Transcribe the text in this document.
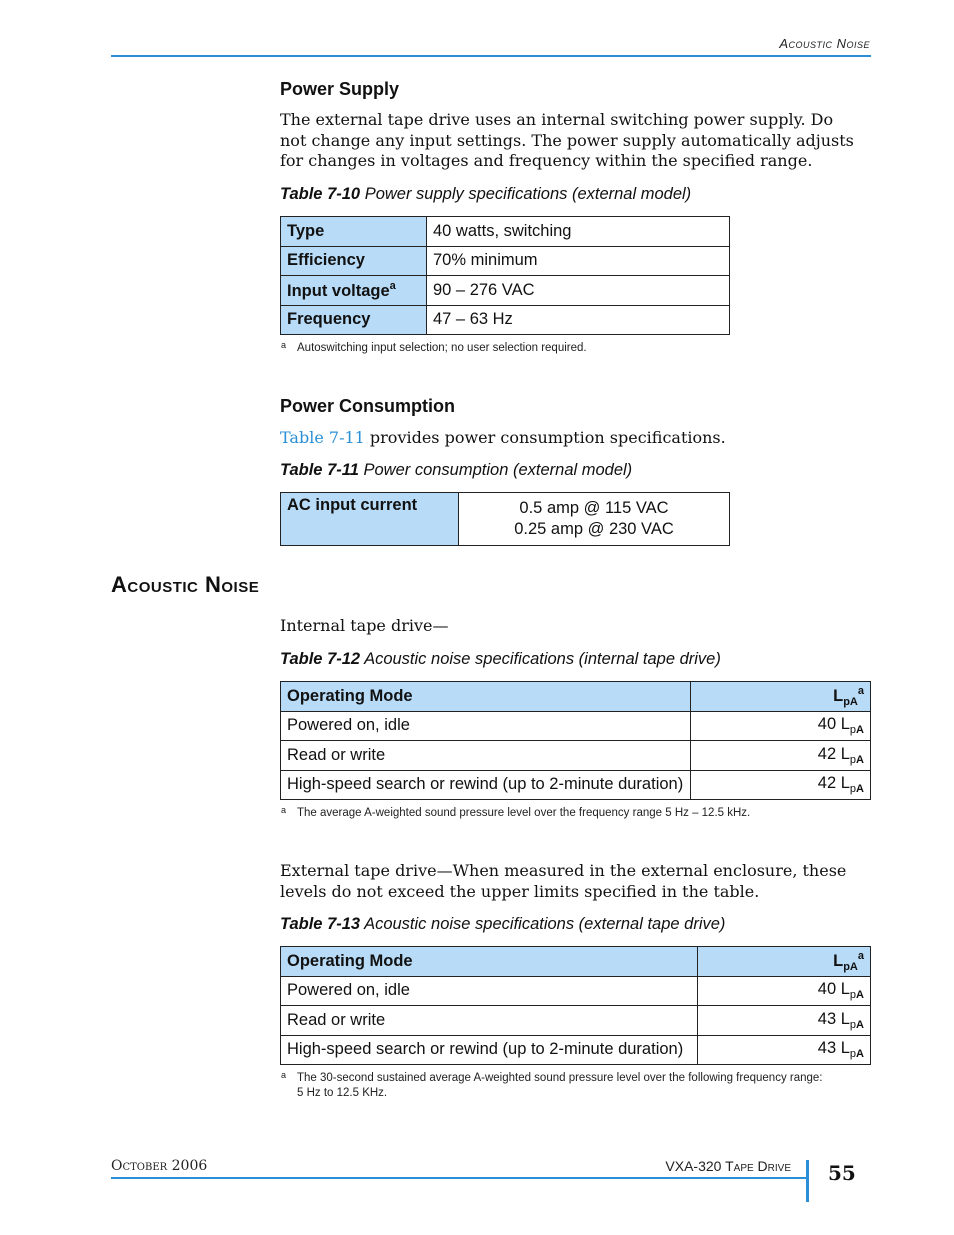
Acoustic Noise
Power Supply
The external tape drive uses an internal switching power supply. Do not change any input settings. The power supply automatically adjusts for changes in voltages and frequency within the specified range.
Table 7-10 Power supply specifications (external model)
Type	40 watts, switching
Efficiency	70% minimum
Input voltage$^a$	90 – 276 VAC
Frequency	47 – 63 Hz
a Autoswitching input selection; no user selection required.
Power Consumption
Table 7-11 provides power consumption specifications.
Table 7-11 Power consumption (external model)
AC input current	0.5 amp @ 115 VAC
0.25 amp @ 230 VAC
Acoustic Noise
Internal tape drive—
Table 7-12 Acoustic noise specifications (internal tape drive)
Operating Mode	$L_{pA}^a$
Powered on, idle	40 $L_{pA}$
Read or write	42 $L_{pA}$
High-speed search or rewind (up to 2-minute duration)	42 $L_{pA}$
a The average A-weighted sound pressure level over the frequency range 5 Hz – 12.5 kHz.
External tape drive—When measured in the external enclosure, these levels do not exceed the upper limits specified in the table.
Table 7-13 Acoustic noise specifications (external tape drive)
Operating Mode	$L_{pA}^a$
Powered on, idle	40 $L_{pA}$
Read or write	43 $L_{pA}$
High-speed search or rewind (up to 2-minute duration)	43 $L_{pA}$
a The 30-second sustained average A-weighted sound pressure level over the following frequency range:
5 Hz to 12.5 KHz.
October 2006	VXA-320 Tape Drive 55
